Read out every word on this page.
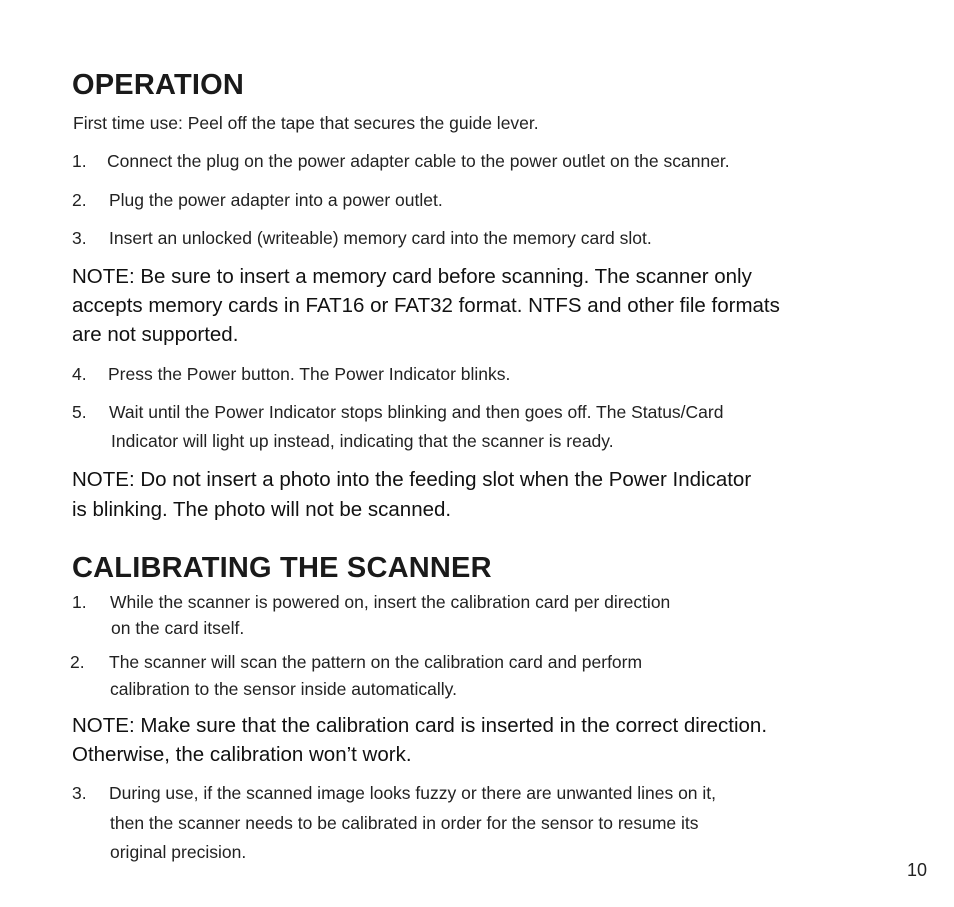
OPERATION

First time use: Peel off the tape that secures the guide lever.

1. Connect the plug on the power adapter cable to the power outlet on the scanner.

2. Plug the power adapter into a power outlet.

3. Insert an unlocked (writeable) memory card into the memory card slot.

NOTE: Be sure to insert a memory card before scanning. The scanner only

accepts memory cards in FAT16 or FAT32 format. NTFS and other file formats

are not supported.

4. Press the Power button. The Power Indicator blinks.

5. Wait until the Power Indicator stops blinking and then goes off. The Status/Card

Indicator will light up instead, indicating that the scanner is ready.

NOTE: Do not insert a photo into the feeding slot when the Power Indicator

is blinking. The photo will not be scanned.

CALIBRATING THE SCANNER
1. While the scanner is powered on, insert the calibration card per direction

on the card itself.

2. The scanner will scan the pattern on the calibration card and perform

calibration to the sensor inside automatically.

NOTE: Make sure that the calibration card is inserted in the correct direction.

Otherwise, the calibration won’t work.

3. During use, if the scanned image looks fuzzy or there are unwanted lines on it,

then the scanner needs to be calibrated in order for the sensor to resume its

original precision.

10
